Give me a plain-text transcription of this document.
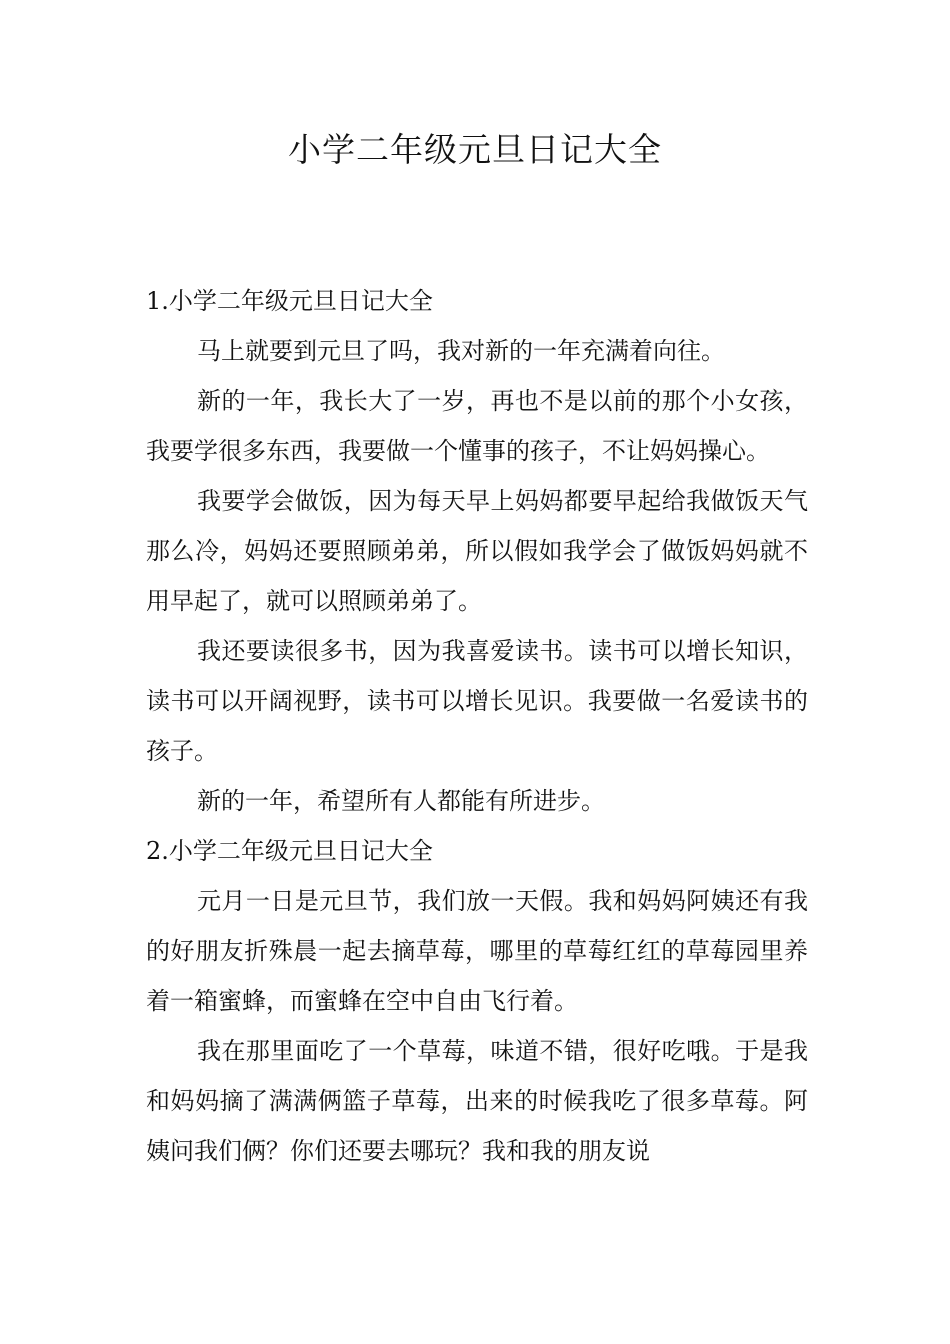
小学二年级元旦日记大全

1.小学二年级元旦日记大全

马上就要到元旦了吗，我对新的一年充满着向往。

新的一年，我长大了一岁，再也不是以前的那个小女孩，我要学很多东西，我要做一个懂事的孩子，不让妈妈操心。

我要学会做饭，因为每天早上妈妈都要早起给我做饭天气那么冷，妈妈还要照顾弟弟，所以假如我学会了做饭妈妈就不用早起了，就可以照顾弟弟了。

我还要读很多书，因为我喜爱读书。读书可以增长知识，读书可以开阔视野，读书可以增长见识。我要做一名爱读书的孩子。

新的一年，希望所有人都能有所进步。

2.小学二年级元旦日记大全

元月一日是元旦节，我们放一天假。我和妈妈阿姨还有我的好朋友折殊晨一起去摘草莓，哪里的草莓红红的草莓园里养着一箱蜜蜂，而蜜蜂在空中自由飞行着。

我在那里面吃了一个草莓，味道不错，很好吃哦。于是我和妈妈摘了满满俩篮子草莓，出来的时候我吃了很多草莓。阿姨问我们俩？你们还要去哪玩？我和我的朋友说
